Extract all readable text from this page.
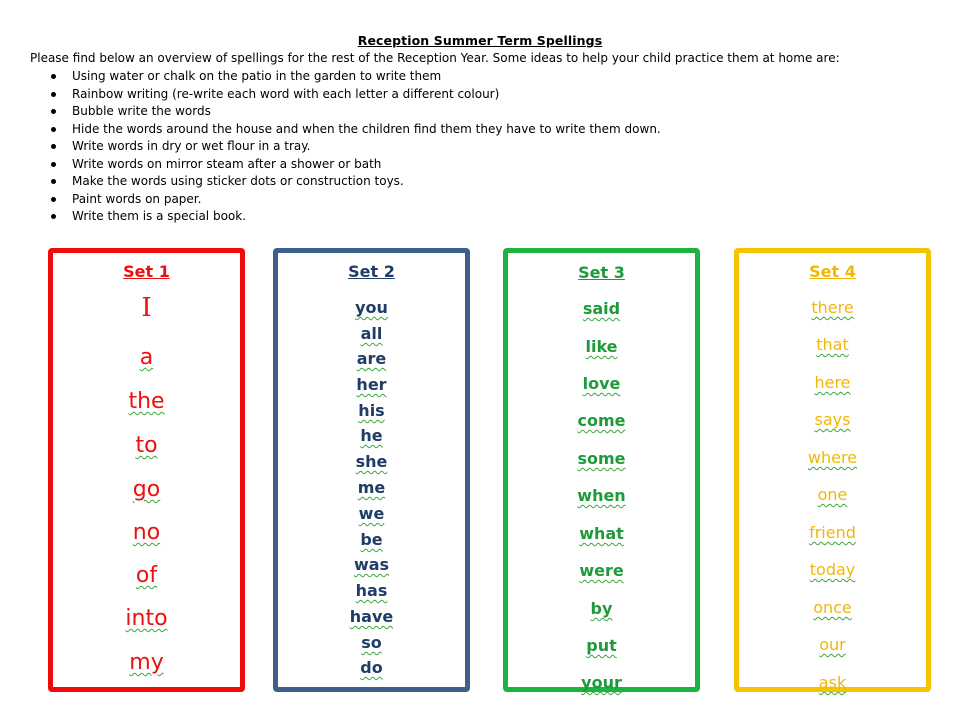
Reception Summer Term Spellings
Please find below an overview of spellings for the rest of the Reception Year. Some ideas to help your child practice them at home are:
Using water or chalk on the patio in the garden to write them
Rainbow writing (re-write each word with each letter a different colour)
Bubble write the words
Hide the words around the house and when the children find them they have to write them down.
Write words in dry or wet flour in a tray.
Write words on mirror steam after a shower or bath
Make the words using sticker dots or construction toys.
Paint words on paper.
Write them is a special book.
Set 1
I
a
the
to
go
no
of
into
my
Set 2
you
all
are
her
his
he
she
me
we
be
was
has
have
so
do
Set 3
said
like
love
come
some
when
what
were
by
put
your
Set 4
there
that
here
says
where
one
friend
today
once
our
ask
